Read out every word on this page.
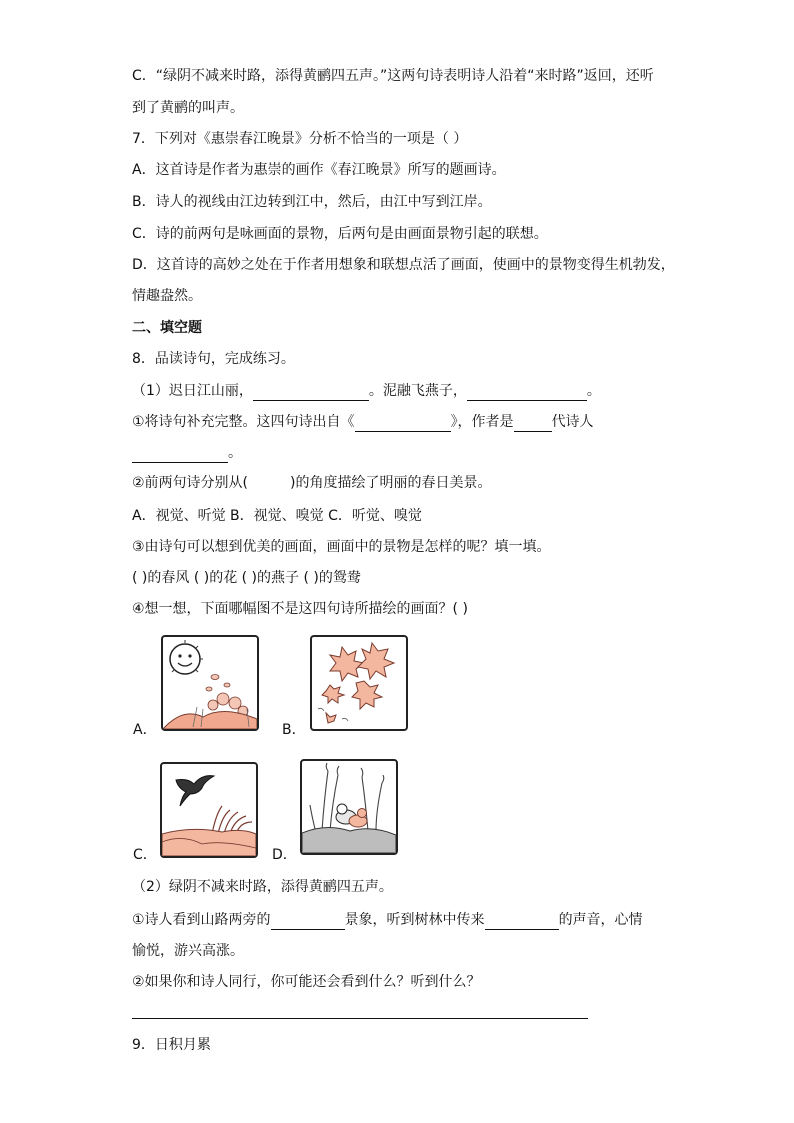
C．“绿阴不减来时路，添得黄鹂四五声。”这两句诗表明诗人沿着“来时路”返回，还听
到了黄鹂的叫声。
7．下列对《惠崇春江晚景》分析不恰当的一项是（ ）
A．这首诗是作者为惠崇的画作《春江晚景》所写的题画诗。
B．诗人的视线由江边转到江中，然后，由江中写到江岸。
C．诗的前两句是咏画面的景物，后两句是由画面景物引起的联想。
D．这首诗的高妙之处在于作者用想象和联想点活了画面，使画中的景物变得生机勃发，
情趣盎然。
二、填空题
8．品读诗句，完成练习。
（1）迟日江山丽，	。泥融飞燕子，	。
①将诗句补充完整。这四句诗出自《	》，作者是	代诗人
。
②前两句诗分别从(	)的角度描绘了明丽的春日美景。
A．视觉、听觉 B．视觉、嗅觉 C．听觉、嗅觉
③由诗句可以想到优美的画面，画面中的景物是怎样的呢？填一填。
( )的春风 ( )的花 ( )的燕子 ( )的鸳鸯
④想一想，下面哪幅图不是这四句诗所描绘的画面？( )
A．	B．
C．	D．
（2）绿阴不减来时路，添得黄鹂四五声。
①诗人看到山路两旁的	景象，听到树林中传来	的声音，心情
愉悦，游兴高涨。
②如果你和诗人同行，你可能还会看到什么？听到什么？
9．日积月累
